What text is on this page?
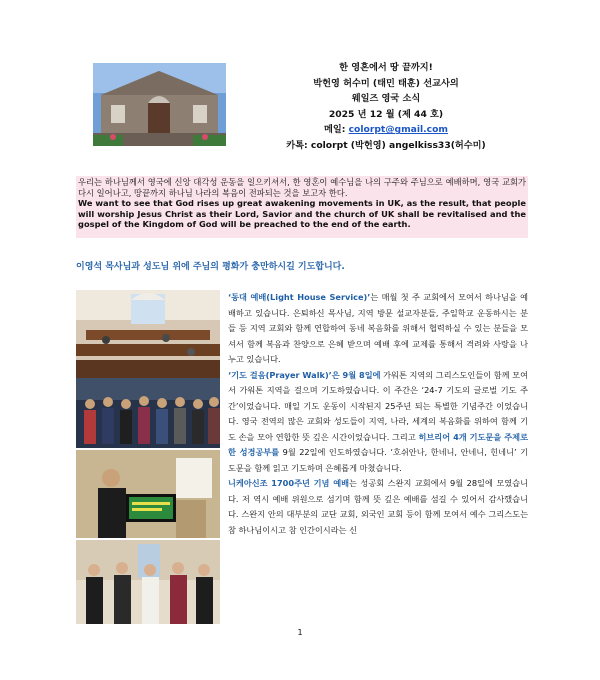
한 영혼에서 땅 끝까지!
박헌영 허수미 (태민 태훈) 선교사의
웨일즈 영국 소식
2025 년 12 월 (제 44 호)
메일: colorpt@gmail.com
카톡: colorpt (박헌영) angelkiss33(허수미)
우리는 하나님께서 영국에 신앙 대각성 운동을 일으키셔서, 한 영혼이 예수님을 나의 구주와 주님으로 예배하며, 영국 교회가 다시 일어나고, 땅끝까지 하나님 나라의 복음이 전파되는 것을 보고자 한다.
We want to see that God rises up great awakening movements in UK, as the result, that people will worship Jesus Christ as their Lord, Savior and the church of UK shall be revitalised and the gospel of the Kingdom of God will be preached to the end of the earth.
이영석 목사님과 성도님 위에 주님의 평화가 충만하시길 기도합니다.
‘동대 예배(Light House Service)’는 매월 첫 주 교회에서 모여서 하나님을 예배하고 있습니다. 은퇴하신 목사님, 지역 방문 설교자분들, 주일학교 운동하시는 분들 등 지역 교회와 함께 연합하여 동네 복음화를 위해서 협력하실 수 있는 분들을 모셔서 함께 복음과 찬양으로 은혜 받으며 예배 후에 교제를 통해서 격려와 사랑을 나누고 있습니다.
‘기도 걸음(Prayer Walk)’은 9월 8일에 가워톤 지역의 그리스도인들이 함께 모여서 가워톤 지역을 걸으며 기도하였습니다. 이 주간은 ‘24-7 기도의 글로벌 기도 주간’이었습니다. 매일 기도 운동이 시작된지 25주년 되는 특별한 기념주간 이었습니다. 영국 전역의 많은 교회와 성도들이 지역, 나라, 세계의 복음화를 위하여 함께 기도 손을 모아 연합한 뜻 깊은 시간이었습니다. 그리고 히브리어 4개 기도문을 주제로 한 성경공부를 9월 22일에 인도하였습니다. ‘호쉬안나, 한네니, 안네니, 힌네니’ 기도문을 함께 읽고 기도하며 은혜롭게 마쳤습니다.
니케아신조 1700주년 기념 예배는 성공회 스완지 교회에서 9월 28일에 모였습니다. 저 역시 예배 위원으로 섬기며 함께 뜻 깊은 예배를 섬길 수 있어서 감사했습니다. 스완지 안의 대부분의 교단 교회, 외국인 교회 등이 함께 모여서 예수 그리스도는 참 하나님이시고 참 인간이시라는 신
1
